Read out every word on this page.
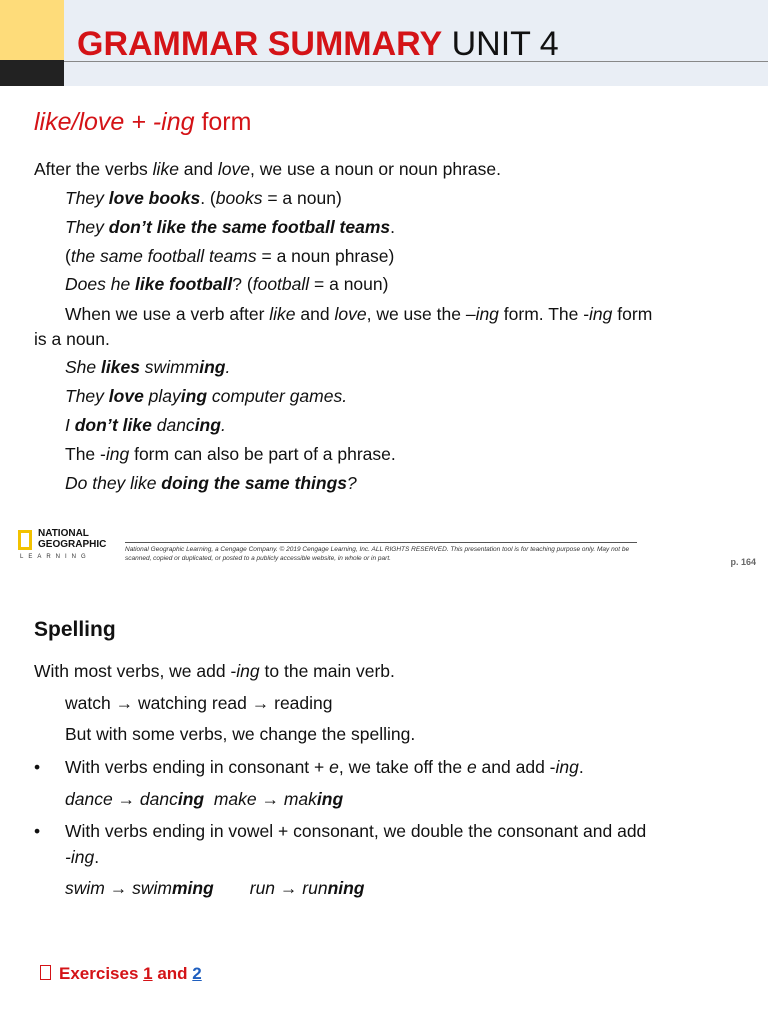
GRAMMAR SUMMARY UNIT 4
like/love + -ing form
After the verbs like and love, we use a noun or noun phrase.
They love books. (books = a noun)
They don’t like the same football teams.
(the same football teams = a noun phrase)
Does he like football? (football = a noun)
When we use a verb after like and love, we use the –ing form. The -ing form
is a noun.
She likes swimming.
They love playing computer games.
I don’t like dancing.
The -ing form can also be part of a phrase.
Do they like doing the same things?
NATIONAL
GEOGRAPHIC
LEARNING
National Geographic Learning, a Cengage Company. © 2019 Cengage Learning, Inc. ALL RIGHTS RESERVED. This presentation tool is for teaching purpose only. May not be scanned, copied or duplicated, or posted to a publicly accessible website, in whole or in part.	p. 164
Spelling
With most verbs, we add -ing to the main verb.
watch → watching read → reading
But with some verbs, we change the spelling.
• With verbs ending in consonant + e, we take off the e and add -ing.
dance → dancing  make → making
• With verbs ending in vowel + consonant, we double the consonant and add
-ing.
swim → swimming run → running
Exercises 1 and 2
